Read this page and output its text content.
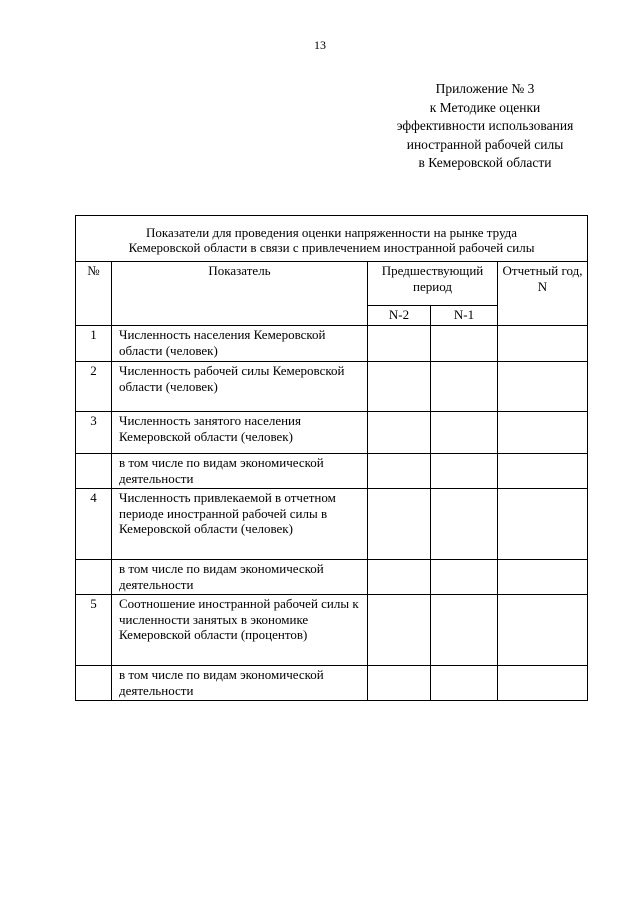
13
Приложение № 3
к Методике оценки
эффективности использования
иностранной рабочей силы
в Кемеровской области
Показатели для проведения оценки напряженности на рынке труда
Кемеровской области в связи с привлечением иностранной рабочей силы				

№	Показатель	Предшествующий период		Отчетный год, N
		N-2	N-1	
1	Численность населения Кемеровской области (человек)			
2	Численность рабочей силы Кемеровской области (человек)			
3	Численность занятого населения Кемеровской области (человек)			
	в том числе по видам экономической деятельности			
4	Численность привлекаемой в отчетном периоде иностранной рабочей силы в Кемеровской области (человек)			
	в том числе по видам экономической деятельности			
5	Соотношение иностранной рабочей силы к численности занятых в экономике Кемеровской области (процентов)			
	в том числе по видам экономической деятельности			
